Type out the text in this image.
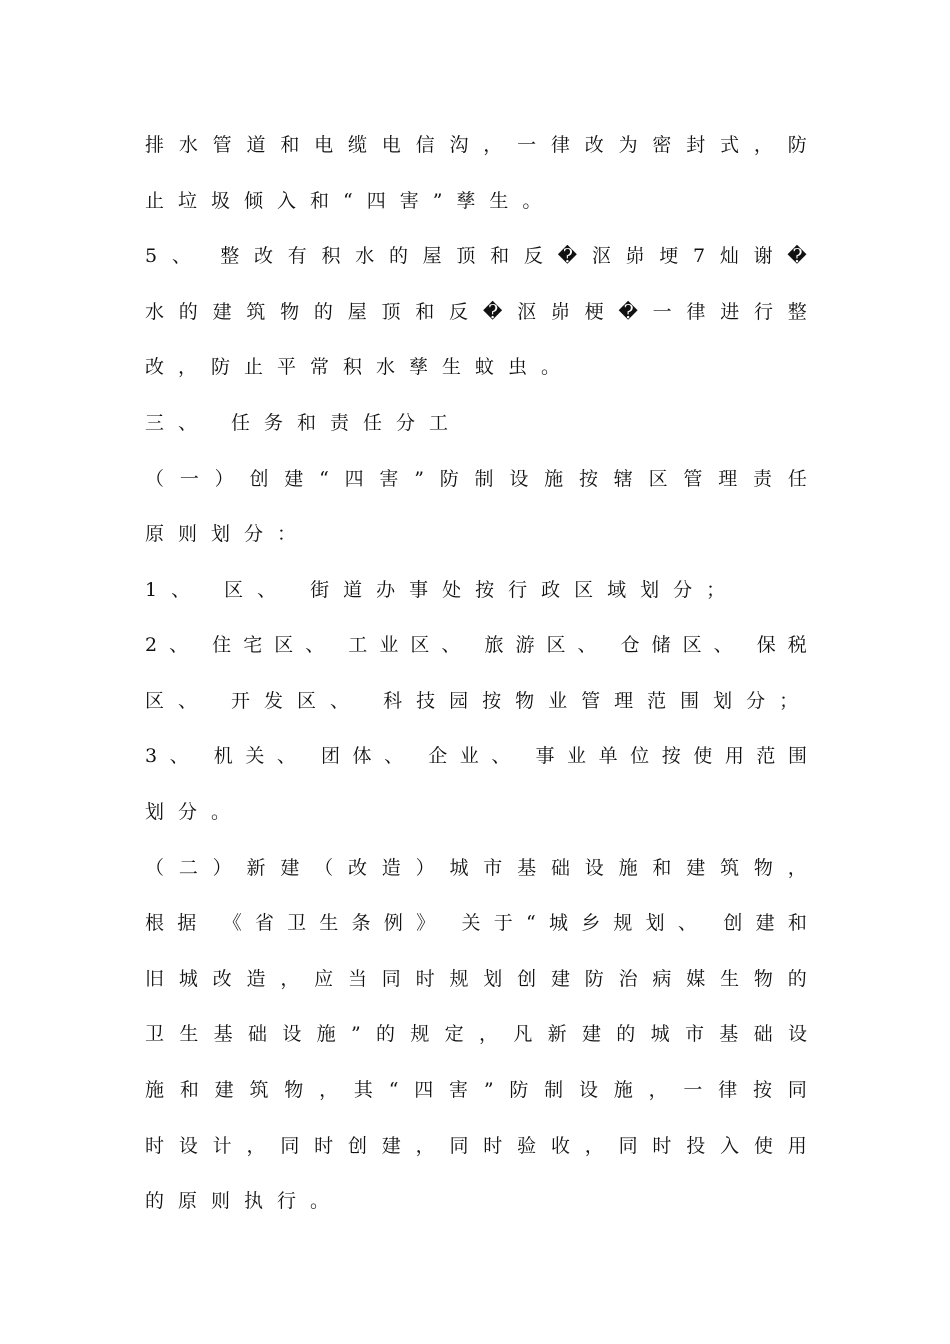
排 水 管 道 和 电 缆 电 信 沟 ， 一 律 改 为 密 封 式 ， 防
止垃圾倾入和“四害”孳生。
5 、 整 改 有 积 水 的 屋 顶 和 反 � 沤 峁 埂 7 灿 谢 �
水 的 建 筑 物 的 屋 顶 和 反 � 沤 峁 梗 � 一 律 进 行 整
改，防止平常积水孳生蚊虫。
三、 任务和责任分工
（ 一 ） 创 建 “ 四 害 ” 防 制 设 施 按 辖 区 管 理 责 任
原则划分：
1、 区、 街道办事处按行政区域划分；
2 、 住 宅 区 、 工 业 区 、 旅 游 区 、 仓 储 区 、 保 税
区、 开发区、 科技园按物业管理范围划分；
3 、 机 关 、 团 体 、 企 业 、 事 业 单 位 按 使 用 范 围
划分。
（ 二 ） 新 建 （ 改 造 ） 城 市 基 础 设 施 和 建 筑 物 ，
根 据 《 省 卫 生 条 例 》 关 于 “ 城 乡 规 划 、 创 建 和
旧 城 改 造 ， 应 当 同 时 规 划 创 建 防 治 病 媒 生 物 的
卫 生 基 础 设 施 ” 的 规 定 ， 凡 新 建 的 城 市 基 础 设
施 和 建 筑 物 ， 其 “ 四 害 ” 防 制 设 施 ， 一 律 按 同
时 设 计 ， 同 时 创 建 ， 同 时 验 收 ， 同 时 投 入 使 用
的原则执行。
